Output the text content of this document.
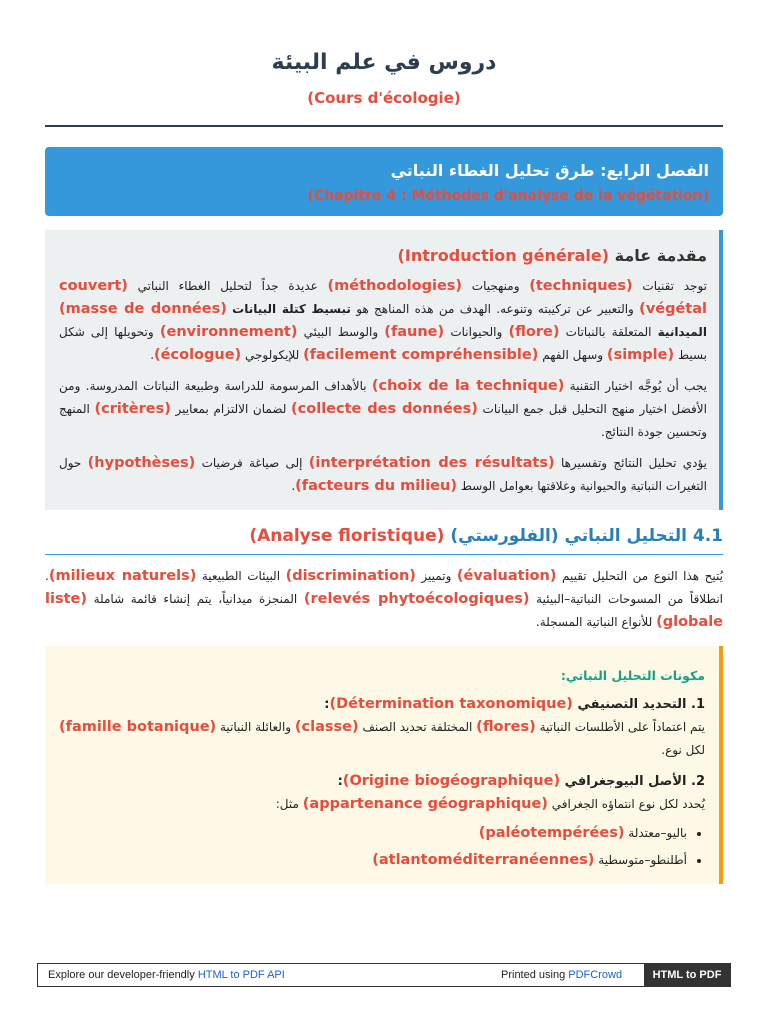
دروس في علم البيئة
(Cours d'écologie)
الفصل الرابع: طرق تحليل الغطاء النباتي
(Chapitre 4 : Méthodes d'analyse de la végétation)
مقدمة عامة (Introduction générale)

توجد تقنيات (techniques) ومنهجيات (méthodologies) عديدة جداً لتحليل الغطاء النباتي (couvert végétal) والتعبير عن تركيبته وتنوعه. الهدف من هذه المناهج هو تبسيط كتلة البيانات (masse de données) الميدانية المتعلقة بالنباتات (flore) والحيوانات (faune) والوسط البيئي (environnement) وتحويلها إلى شكل بسيط (simple) وسهل الفهم (facilement compréhensible) للإيكولوجي (écologue).

يجب أن يُوجَّه اختيار التقنية (choix de la technique) بالأهداف المرسومة للدراسة وطبيعة النباتات المدروسة. ومن الأفضل اختيار منهج التحليل قبل جمع البيانات (collecte des données) لضمان الالتزام بمعايير (critères) المنهج وتحسين جودة النتائج.

يؤدي تحليل النتائج وتفسيرها (interprétation des résultats) إلى صياغة فرضيات (hypothèses) حول التغيرات النباتية والحيوانية وعلاقتها بعوامل الوسط (facteurs du milieu).

4.1 التحليل النباتي (الفلورستي) (Analyse floristique)
يُتيح هذا النوع من التحليل تقييم (évaluation) وتمييز (discrimination) البيئات الطبيعية (milieux naturels). انطلاقاً من المسوحات النباتية–البيئية (relevés phytoécologiques) المنجزة ميدانياً، يتم إنشاء قائمة شاملة (liste globale) للأنواع النباتية المسجلة.
مكونات التحليل النباتي:
1. التحديد التصنيفي (Détermination taxonomique):
يتم اعتماداً على الأطلسات النباتية (flores) المختلفة تحديد الصنف (classe) والعائلة النباتية (famille botanique) لكل نوع.
2. الأصل البيوجغرافي (Origine biogéographique):
يُحدد لكل نوع انتماؤه الجغرافي (appartenance géographique) مثل:
• باليو–معتدلة (paléotempérées)
• أطلنطو–متوسطية (atlantoméditerranéennes)
Explore our developer-friendly HTML to PDF API	Printed using PDFCrowd	HTML to PDF
